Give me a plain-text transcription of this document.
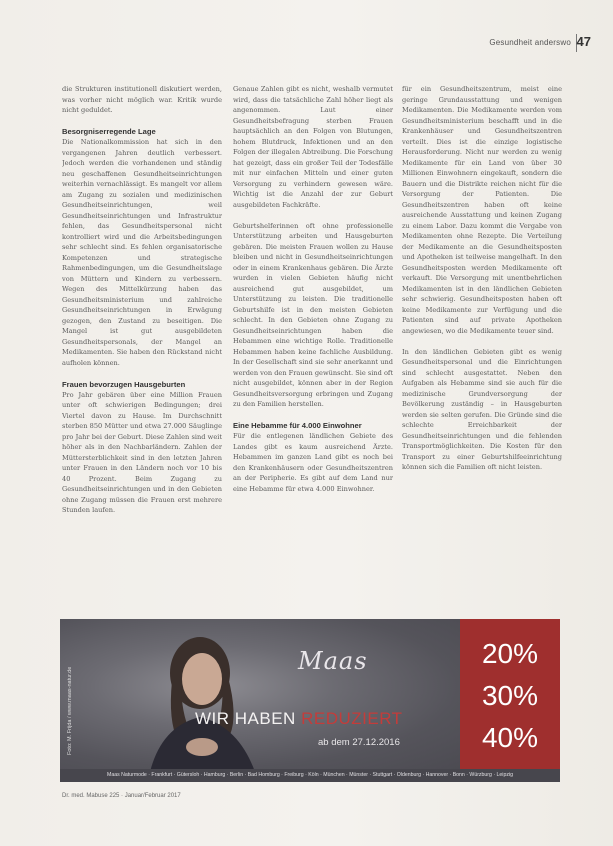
Gesundheit anderswo 47

die Strukturen institutionell diskutiert werden, was vorher nicht möglich war. Kritik wurde nicht geduldet.

Besorgniserregende Lage

Die Nationalkommission hat sich in den vergangenen Jahren deutlich verbessert. Jedoch werden die vorhandenen und ständig neu geschaffenen Gesundheitseinrichtungen weiterhin vernachlässigt. Es mangelt vor allem am Zugang zu sozialen und medizinischen Gesundheitseinrichtungen, weil Gesundheitseinrichtungen und Infrastruktur fehlen, das Gesundheitspersonal nicht kontrolliert wird und die Arbeitsbedingungen sehr schlecht sind. Es fehlen organisatorische Kompetenzen und strategische Rahmenbedingungen, um die Gesundheitslage von Müttern und Kindern zu verbessern. Wegen des Mittelkürzung haben das Gesundheitsministerium und zahlreiche Gesundheitseinrichtungen in Erwägung gezogen, den Zustand zu beseitigen. Die Mangel ist gut ausgebildeten Gesundheitspersonals, der Mangel an Medikamenten. Sie haben den Rückstand nicht aufholen können.

Frauen bevorzugen Hausgeburten

Pro Jahr gebären über eine Million Frauen unter oft schwierigen Bedingungen; drei Viertel davon zu Hause. Im Durchschnitt sterben 850 Mütter und etwa 27.000 Säuglinge pro Jahr bei der Geburt. Diese Zahlen sind weit höher als in den Nachbarländern. Zahlen der Müttersterblichkeit sind in den letzten Jahren unter Frauen in den Ländern noch vor 10 bis 40 Prozent. Beim Zugang zu Gesundheitseinrichtungen und in den Gebieten ohne Zugang müssen die Frauen erst mehrere Stunden laufen.

Genaue Zahlen gibt es nicht, weshalb vermutet wird, dass die tatsächliche Zahl höher liegt als angenommen. Laut einer Gesundheitsbefragung sterben Frauen hauptsächlich an den Folgen von Blutungen, hohem Blutdruck, Infektionen und an den Folgen der illegalen Abtreibung. Die Forschung hat gezeigt, dass ein großer Teil der Todesfälle mit nur einfachen Mitteln und einer guten Versorgung zu verhindern gewesen wäre. Wichtig ist die Anzahl der zur Geburt ausgebildeten Fachkräfte.

Geburtshelferinnen oft ohne professionelle Unterstützung arbeiten und Hausgeburten gebären. Die meisten Frauen wollen zu Hause bleiben und nicht in Gesundheitseinrichtungen oder in einem Krankenhaus gebären. Die Ärzte wurden in vielen Gebieten häufig nicht ausreichend gut ausgebildet, um Unterstützung zu leisten. Die traditionelle Geburtshilfe ist in den meisten Gebieten schlecht. In den Gebieten ohne Zugang zu Gesundheitseinrichtungen haben die Hebammen eine wichtige Rolle. Traditionelle Hebammen haben keine fachliche Ausbildung. In der Gesellschaft sind sie sehr anerkannt und werden von den Frauen gewünscht. Sie sind oft nicht ausgebildet, können aber in der Region Gesundheitsversorgung erbringen und Zugang zu den Familien herstellen.

Eine Hebamme für 4.000 Einwohner

Für die entlegenen ländlichen Gebiete des Landes gibt es kaum ausreichend Ärzte. Hebammen im ganzen Land gibt es noch bei den Krankenhäusern oder Gesundheitszentren an der Peripherie. Es gibt auf dem Land nur eine Hebamme für etwa 4.000 Einwohner.

für ein Gesundheitszentrum, meist eine geringe Grundausstattung und wenigen Medikamenten. Die Medikamente werden vom Gesundheitsministerium beschafft und in die Krankenhäuser und Gesundheitszentren verteilt. Dies ist die einzige logistische Herausforderung. Nicht nur werden zu wenig Medikamente für ein Land von über 30 Millionen Einwohnern eingekauft, sondern die Bauern und die Distrikte reichen nicht für die Versorgung der Patienten. Die Gesundheitszentren haben oft keine ausreichende Ausstattung und keinen Zugang zu einem Labor. Dazu kommt die Vergabe von Medikamenten ohne Rezepte. Die Verteilung der Medikamente an die Gesundheitsposten und Apotheken ist teilweise mangelhaft. In den Gesundheitsposten werden Medikamente oft verkauft. Die Versorgung mit unentbehrlichen Medikamenten ist in den ländlichen Gebieten sehr schwierig. Gesundheitsposten haben oft keine Medikamente zur Verfügung und die Patienten sind auf private Apotheken angewiesen, wo die Medikamente teuer sind.

In den ländlichen Gebieten gibt es wenig Gesundheitspersonal und die Einrichtungen sind schlecht ausgestattet. Neben den Aufgaben als Hebamme sind sie auch für die medizinische Grundversorgung der Bevölkerung zuständig – in Hausgeburten werden sie selten gerufen. Die Gründe sind die schlechte Erreichbarkeit der Gesundheitseinrichtungen und die fehlenden Transportmöglichkeiten. Die Kosten für den Transport zu einer Geburtshilfeeinrichtung können sich die Familien oft nicht leisten.

Foto: M. Frijda / www.maas-natur.de
Maas
WIR HABEN REDUZIERT
ab dem 27.12.2016
20%
30%
40%
Maas Naturmode · Frankfurt · Gütersloh · Hamburg · Berlin · Bad Homburg · Freiburg · Köln · München · Münster · Stuttgart · Oldenburg · Hannover · Bonn · Würzburg · Leipzig
Dr. med. Mabuse 225 · Januar/Februar 2017
